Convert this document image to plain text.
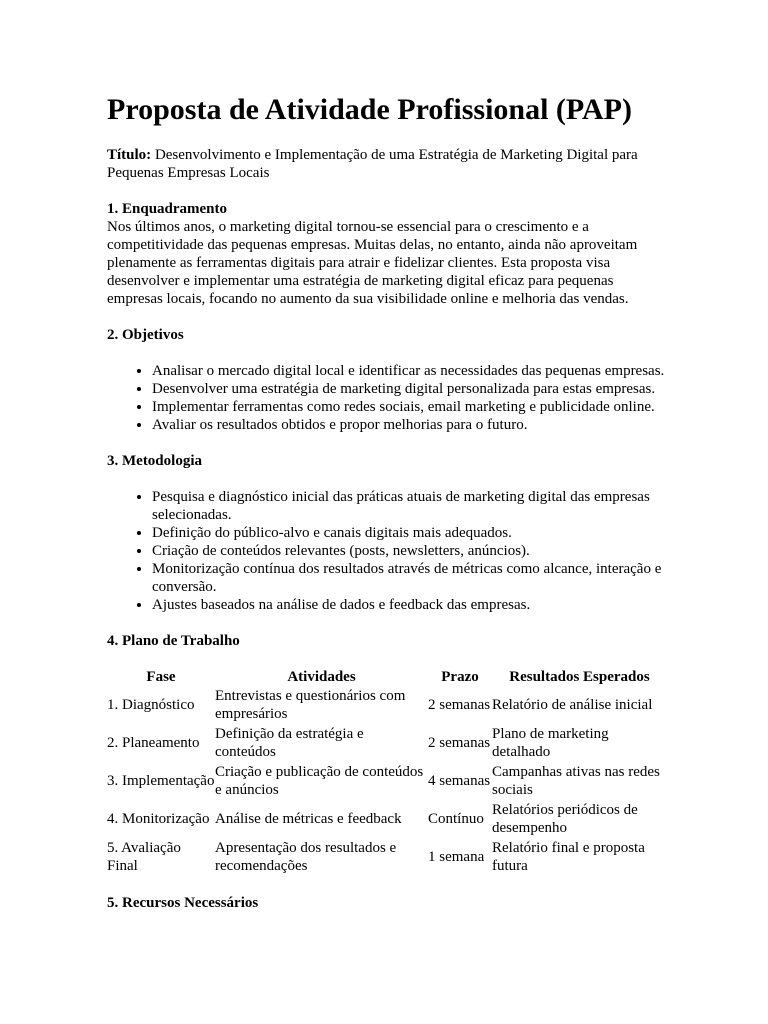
Proposta de Atividade Profissional (PAP)

Título: Desenvolvimento e Implementação de uma Estratégia de Marketing Digital para Pequenas Empresas Locais

1. Enquadramento

Nos últimos anos, o marketing digital tornou-se essencial para o crescimento e a competitividade das pequenas empresas. Muitas delas, no entanto, ainda não aproveitam plenamente as ferramentas digitais para atrair e fidelizar clientes. Esta proposta visa desenvolver e implementar uma estratégia de marketing digital eficaz para pequenas empresas locais, focando no aumento da sua visibilidade online e melhoria das vendas.

2. Objetivos

• Analisar o mercado digital local e identificar as necessidades das pequenas empresas.
• Desenvolver uma estratégia de marketing digital personalizada para estas empresas.
• Implementar ferramentas como redes sociais, email marketing e publicidade online.
• Avaliar os resultados obtidos e propor melhorias para o futuro.

3. Metodologia

• Pesquisa e diagnóstico inicial das práticas atuais de marketing digital das empresas selecionadas.
• Definição do público-alvo e canais digitais mais adequados.
• Criação de conteúdos relevantes (posts, newsletters, anúncios).
• Monitorização contínua dos resultados através de métricas como alcance, interação e conversão.
• Ajustes baseados na análise de dados e feedback das empresas.

4. Plano de Trabalho

Fase	Atividades	Prazo	Resultados Esperados
1. Diagnóstico	Entrevistas e questionários com empresários	2 semanas	Relatório de análise inicial
2. Planeamento	Definição da estratégia e conteúdos	2 semanas	Plano de marketing detalhado
3. Implementação	Criação e publicação de conteúdos e anúncios	4 semanas	Campanhas ativas nas redes sociais
4. Monitorização	Análise de métricas e feedback	Contínuo	Relatórios periódicos de desempenho
5. Avaliação Final	Apresentação dos resultados e recomendações	1 semana	Relatório final e proposta futura

5. Recursos Necessários
